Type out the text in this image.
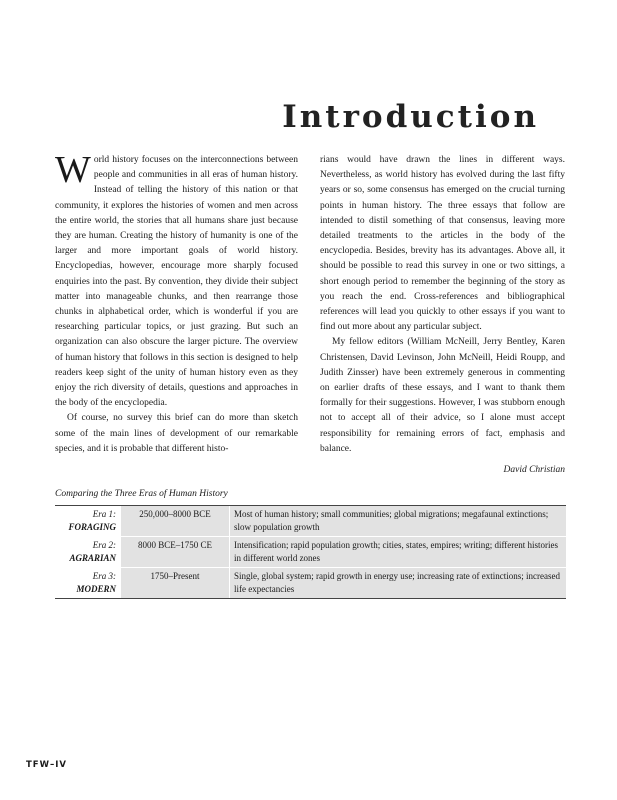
Introduction

World history focuses on the interconnections between people and communities in all eras of human history. Instead of telling the history of this nation or that community, it explores the histories of women and men across the entire world, the stories that all humans share just because they are human. Creating the history of humanity is one of the larger and more important goals of world history. Encyclopedias, however, encourage more sharply focused enquiries into the past. By convention, they divide their subject matter into manageable chunks, and then rearrange those chunks in alphabetical order, which is wonderful if you are researching particular topics, or just grazing. But such an organization can also obscure the larger picture. The overview of human history that follows in this section is designed to help readers keep sight of the unity of human history even as they enjoy the rich diversity of details, questions and approaches in the body of the encyclopedia.

Of course, no survey this brief can do more than sketch some of the main lines of development of our remarkable species, and it is probable that different histo-

rians would have drawn the lines in different ways. Nevertheless, as world history has evolved during the last fifty years or so, some consensus has emerged on the crucial turning points in human history. The three essays that follow are intended to distil something of that consensus, leaving more detailed treatments to the articles in the body of the encyclopedia. Besides, brevity has its advantages. Above all, it should be possible to read this survey in one or two sittings, a short enough period to remember the beginning of the story as you reach the end. Cross-references and bibliographical references will lead you quickly to other essays if you want to find out more about any particular subject.

My fellow editors (William McNeill, Jerry Bentley, Karen Christensen, David Levinson, John McNeill, Heidi Roupp, and Judith Zinsser) have been extremely generous in commenting on earlier drafts of these essays, and I want to thank them formally for their suggestions. However, I was stubborn enough not to accept all of their advice, so I alone must accept responsibility for remaining errors of fact, emphasis and balance.

David Christian

Comparing the Three Eras of Human History
Era 1:
FORAGING	250,000–8000 BCE	Most of human history; small communities; global migrations; megafaunal extinctions; slow population growth

Era 2:
AGRARIAN	8000 BCE–1750 CE	Intensification; rapid population growth; cities, states, empires; writing; different histories in different world zones

Era 3:
MODERN	1750–Present	Single, global system; rapid growth in energy use; increasing rate of extinctions; increased life expectancies
TFW–IV
